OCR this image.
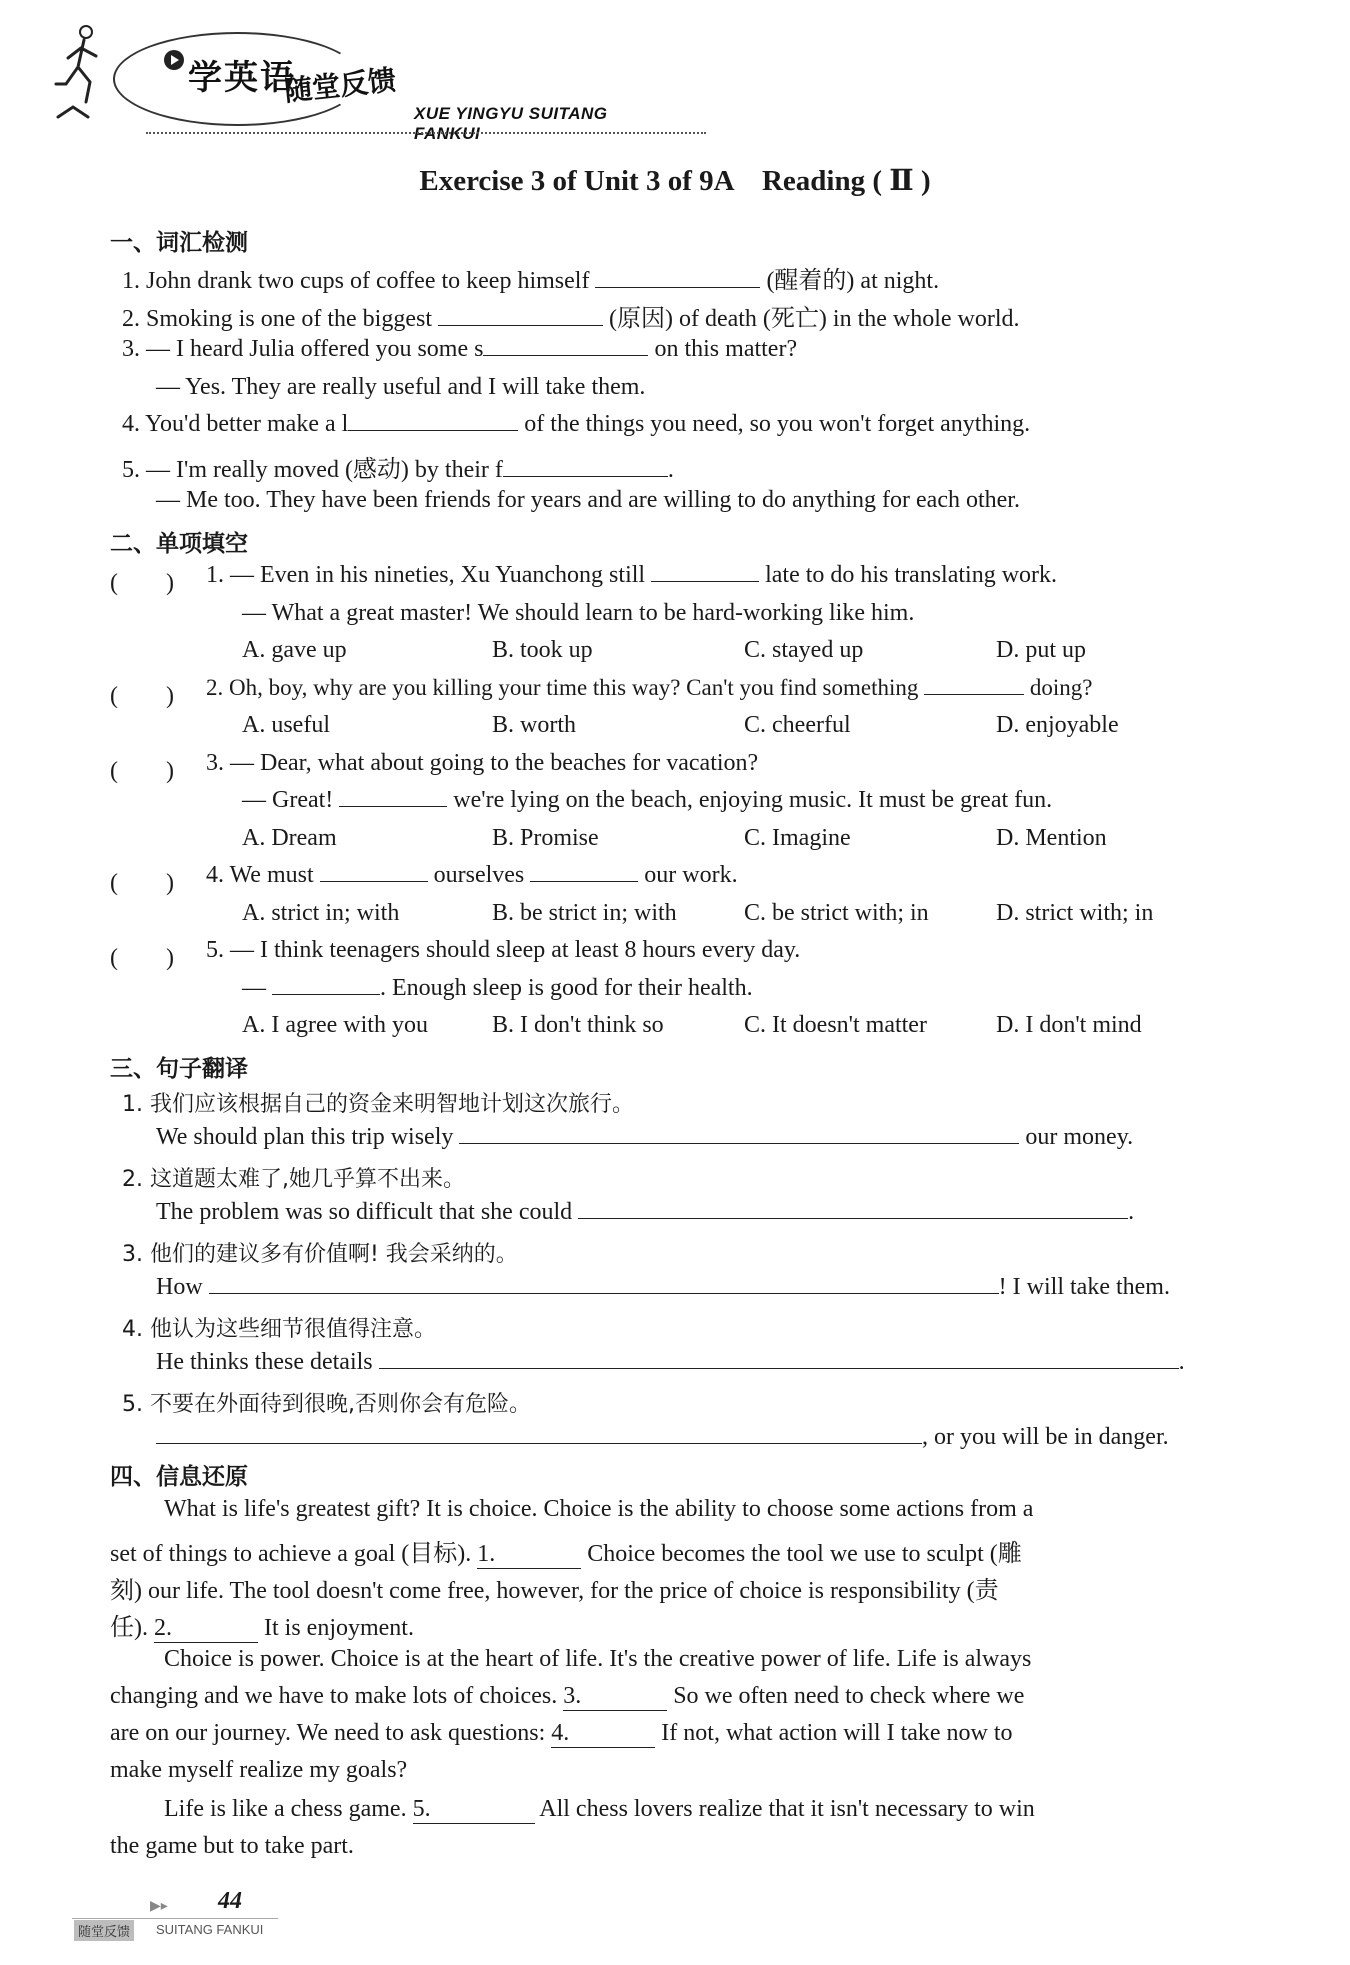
学英语
随堂反馈
XUE YINGYU SUITANG FANKUI
Exercise 3 of Unit 3 of 9A　Reading ( Ⅱ )
一、词汇检测
1. John drank two cups of coffee to keep himself	(醒着的) at night.
2. Smoking is one of the biggest	(原因) of death (死亡) in the whole world.
3. — I heard Julia offered you some s	on this matter?
— Yes. They are really useful and I will take them.
4. You'd better make a l	of the things you need, so you won't forget anything.
5. — I'm really moved (感动) by their f	.
— Me too. They have been friends for years and are willing to do anything for each other.
二、单项填空
(　　) 1. — Even in his nineties, Xu Yuanchong still	late to do his translating work.
— What a great master! We should learn to be hard-working like him.
A. gave up	B. took up	C. stayed up	D. put up
(　　) 2. Oh, boy, why are you killing your time this way? Can't you find something	doing?
A. useful	B. worth	C. cheerful	D. enjoyable
(　　) 3. — Dear, what about going to the beaches for vacation?
— Great!	we're lying on the beach, enjoying music. It must be great fun.
A. Dream	B. Promise	C. Imagine	D. Mention
(　　) 4. We must	ourselves	our work.
A. strict in; with	B. be strict in; with	C. be strict with; in	D. strict with; in
(　　) 5. — I think teenagers should sleep at least 8 hours every day.
—	. Enough sleep is good for their health.
A. I agree with you	B. I don't think so	C. It doesn't matter	D. I don't mind
三、句子翻译
1. 我们应该根据自己的资金来明智地计划这次旅行。
We should plan this trip wisely	our money.
2. 这道题太难了,她几乎算不出来。
The problem was so difficult that she could	.
3. 他们的建议多有价值啊! 我会采纳的。
How	! I will take them.
4. 他认为这些细节很值得注意。
He thinks these details	.
5. 不要在外面待到很晚,否则你会有危险。
, or you will be in danger.
四、信息还原
What is life's greatest gift? It is choice. Choice is the ability to choose some actions from a
set of things to achieve a goal (目标). 1.	Choice becomes the tool we use to sculpt (雕
刻) our life. The tool doesn't come free, however, for the price of choice is responsibility (责
任). 2.	It is enjoyment.
Choice is power. Choice is at the heart of life. It's the creative power of life. Life is always
changing and we have to make lots of choices. 3.	So we often need to check where we
are on our journey. We need to ask questions: 4.	If not, what action will I take now to
make myself realize my goals?
Life is like a chess game. 5.	All chess lovers realize that it isn't necessary to win
the game but to take part.
▶▸ 44
随堂反馈	SUITANG FANKUI
